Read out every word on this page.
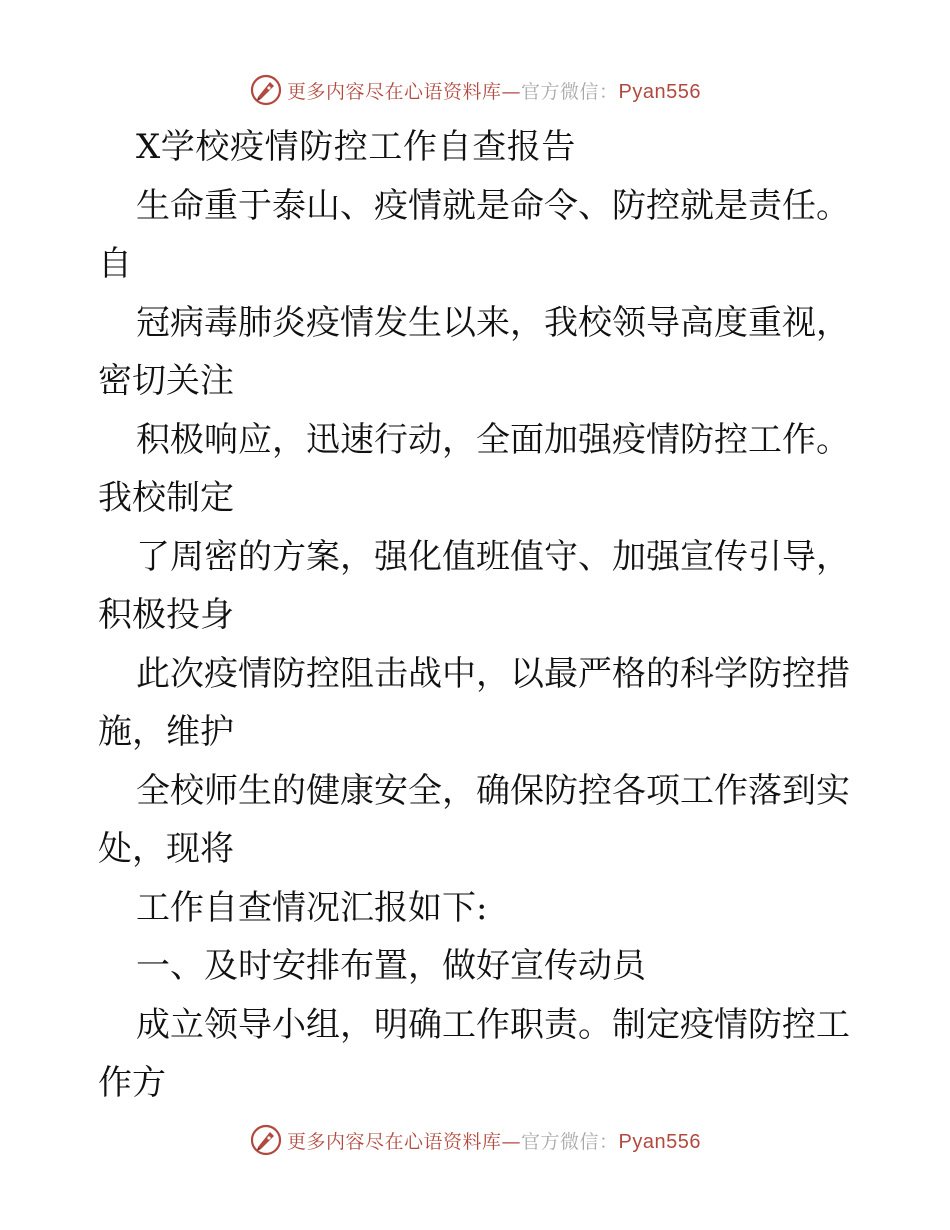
更多内容尽在心语资料库—官方微信：Pyan556
X学校疫情防控工作自查报告
生命重于泰山、疫情就是命令、防控就是责任。
自
冠病毒肺炎疫情发生以来，我校领导高度重视，
密切关注
积极响应，迅速行动，全面加强疫情防控工作。
我校制定
了周密的方案，强化值班值守、加强宣传引导，
积极投身
此次疫情防控阻击战中，以最严格的科学防控措
施，维护
全校师生的健康安全，确保防控各项工作落到实
处，现将
工作自查情况汇报如下:
一、及时安排布置，做好宣传动员
成立领导小组，明确工作职责。制定疫情防控工
作方
更多内容尽在心语资料库—官方微信：Pyan556
